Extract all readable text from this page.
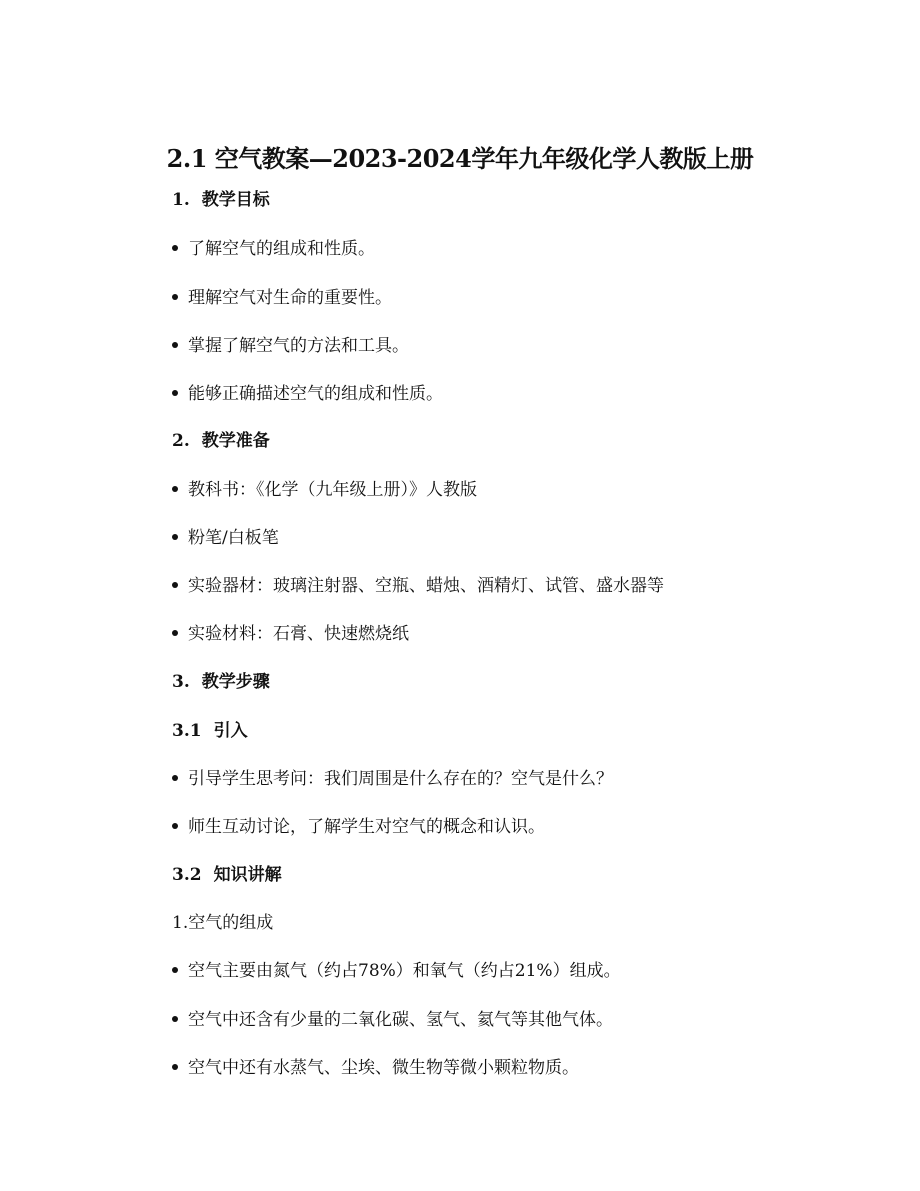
2.1 空气教案—2023-2024学年九年级化学人教版上册
1. 教学目标
了解空气的组成和性质。
理解空气对生命的重要性。
掌握了解空气的方法和工具。
能够正确描述空气的组成和性质。
2. 教学准备
教科书：《化学（九年级上册）》人教版
粉笔/白板笔
实验器材：玻璃注射器、空瓶、蜡烛、酒精灯、试管、盛水器等
实验材料：石膏、快速燃烧纸
3. 教学步骤
3.1 引入
引导学生思考问：我们周围是什么存在的？空气是什么？
师生互动讨论，了解学生对空气的概念和认识。
3.2 知识讲解
1.空气的组成
空气主要由氮气（约占78%）和氧气（约占21%）组成。
空气中还含有少量的二氧化碳、氢气、氦气等其他气体。
空气中还有水蒸气、尘埃、微生物等微小颗粒物质。
